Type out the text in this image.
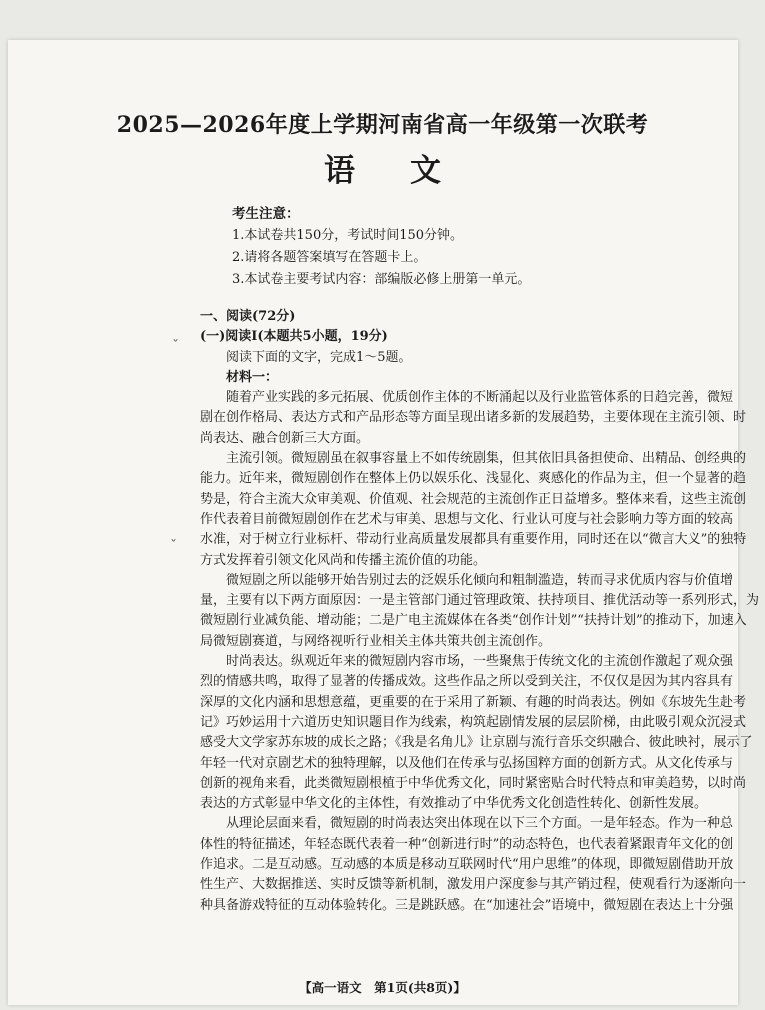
2025—2026年度上学期河南省高一年级第一次联考
语文
考生注意：
1.本试卷共150分，考试时间150分钟。
2.请将各题答案填写在答题卡上。
3.本试卷主要考试内容：部编版必修上册第一单元。
一、阅读(72分)
(一)阅读Ⅰ(本题共5小题，19分)
阅读下面的文字，完成1～5题。
材料一：
随着产业实践的多元拓展、优质创作主体的不断涌起以及行业监管体系的日趋完善，微短
剧在创作格局、表达方式和产品形态等方面呈现出诸多新的发展趋势，主要体现在主流引领、时
尚表达、融合创新三大方面。
主流引领。微短剧虽在叙事容量上不如传统剧集，但其依旧具备担使命、出精品、创经典的
能力。近年来，微短剧创作在整体上仍以娱乐化、浅显化、爽感化的作品为主，但一个显著的趋
势是，符合主流大众审美观、价值观、社会规范的主流创作正日益增多。整体来看，这些主流创
作代表着目前微短剧创作在艺术与审美、思想与文化、行业认可度与社会影响力等方面的较高
水准，对于树立行业标杆、带动行业高质量发展都具有重要作用，同时还在以“微言大义”的独特
方式发挥着引领文化风尚和传播主流价值的功能。
微短剧之所以能够开始告别过去的泛娱乐化倾向和粗制滥造，转而寻求优质内容与价值增
量，主要有以下两方面原因：一是主管部门通过管理政策、扶持项目、推优活动等一系列形式，为
微短剧行业减负能、增动能；二是广电主流媒体在各类“创作计划”“扶持计划”的推动下，加速入
局微短剧赛道，与网络视听行业相关主体共策共创主流创作。
时尚表达。纵观近年来的微短剧内容市场，一些聚焦于传统文化的主流创作激起了观众强
烈的情感共鸣，取得了显著的传播成效。这些作品之所以受到关注，不仅仅是因为其内容具有
深厚的文化内涵和思想意蕴，更重要的在于采用了新颖、有趣的时尚表达。例如《东坡先生赴考
记》巧妙运用十六道历史知识题目作为线索，构筑起剧情发展的层层阶梯，由此吸引观众沉浸式
感受大文学家苏东坡的成长之路；《我是名角儿》让京剧与流行音乐交织融合、彼此映衬，展示了
年轻一代对京剧艺术的独特理解，以及他们在传承与弘扬国粹方面的创新方式。从文化传承与
创新的视角来看，此类微短剧根植于中华优秀文化，同时紧密贴合时代特点和审美趋势，以时尚
表达的方式彰显中华文化的主体性，有效推动了中华优秀文化创造性转化、创新性发展。
从理论层面来看，微短剧的时尚表达突出体现在以下三个方面。一是年轻态。作为一种总
体性的特征描述，年轻态既代表着一种“创新进行时”的动态特色，也代表着紧跟青年文化的创
作追求。二是互动感。互动感的本质是移动互联网时代“用户思维”的体现，即微短剧借助开放
性生产、大数据推送、实时反馈等新机制，激发用户深度参与其产销过程，使观看行为逐渐向一
种具备游戏特征的互动体验转化。三是跳跃感。在“加速社会”语境中，微短剧在表达上十分强
【高一语文　第1页(共8页)】
ˇ
ˇ
